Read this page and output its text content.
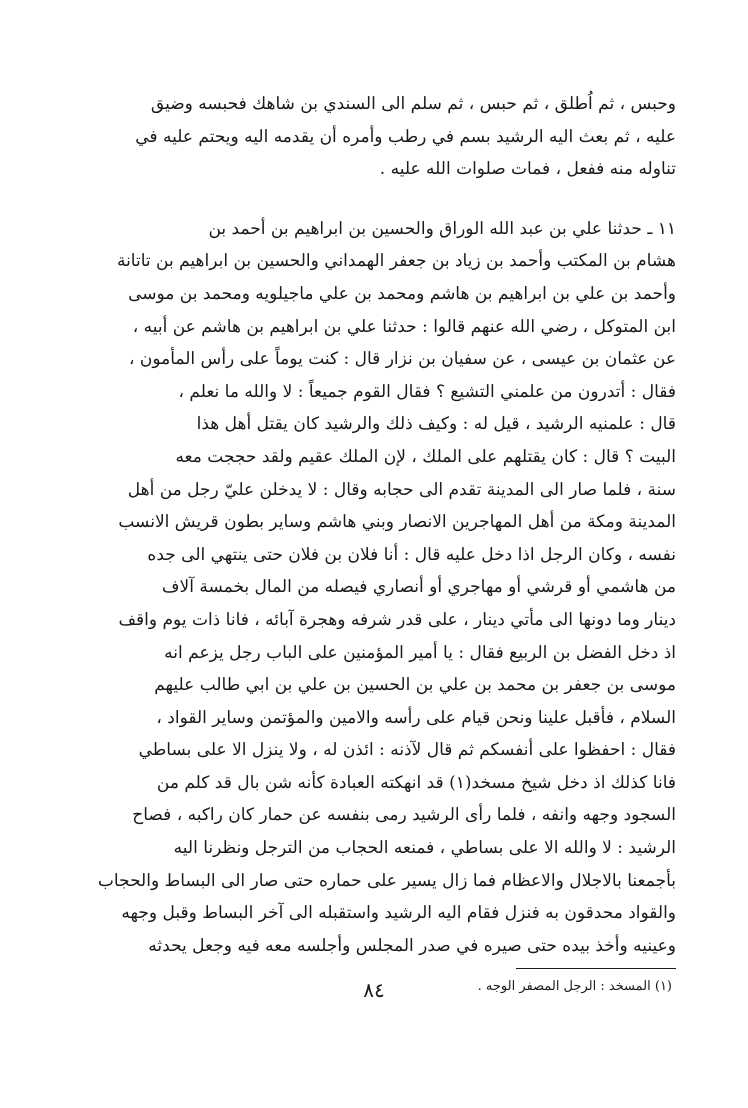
وحبس ، ثم اُطلق ، ثم حبس ، ثم سلم الى السندي بن شاهك فحبسه وضيق
عليه ، ثم بعث اليه الرشيد بسم في رطب وأمره أن يقدمه اليه ويحتم عليه في
تناوله منه ففعل ، فمات صلوات الله عليه .
١١ ـ حدثنا علي بن عبد الله الوراق والحسين بن ابراهيم بن أحمد بن
هشام بن المكتب وأحمد بن زياد بن جعفر الهمداني والحسين بن ابراهيم بن تاتانة
وأحمد بن علي بن ابراهيم بن هاشم ومحمد بن علي ماجيلويه ومحمد بن موسى
ابن المتوكل ، رضي الله عنهم قالوا : حدثنا علي بن ابراهيم بن هاشم عن أبيه ،
عن عثمان بن عيسى ، عن سفيان بن نزار قال : كنت يوماً على رأس المأمون ،
فقال : أتدرون من علمني التشيع ؟ فقال القوم جميعاً : لا والله ما نعلم ،
قال : علمنيه الرشيد ، قيل له : وكيف ذلك والرشيد كان يقتل أهل هذا
البيت ؟ قال : كان يقتلهم على الملك ، لإن الملك عقيم ولقد حججت معه
سنة ، فلما صار الى المدينة تقدم الى حجابه وقال : لا يدخلن عليّ رجل من أهل
المدينة ومكة من أهل المهاجرين الانصار وبني هاشم وساير بطون قريش الانسب
نفسه ، وكان الرجل اذا دخل عليه قال : أنا فلان بن فلان حتى ينتهي الى جده
من هاشمي أو قرشي أو مهاجري أو أنصاري فيصله من المال بخمسة آلاف
دينار وما دونها الى مأتي دينار ، على قدر شرفه وهجرة آبائه ، فانا ذات يوم واقف
اذ دخل الفضل بن الربيع فقال : يا أمير المؤمنين على الباب رجل يزعم انه
موسى بن جعفر بن محمد بن علي بن الحسين بن علي بن ابي طالب عليهم
السلام ، فأقبل علينا ونحن قيام على رأسه والامين والمؤتمن وساير القواد ،
فقال : احفظوا على أنفسكم ثم قال لآذنه : ائذن له ، ولا ينزل الا على بساطي
فانا كذلك اذ دخل شيخ مسخد(١) قد انهكته العبادة كأنه شن بال قد كلم من
السجود وجهه وانفه ، فلما رأى الرشيد رمى بنفسه عن حمار كان راكبه ، فصاح
الرشيد : لا والله الا على بساطي ، فمنعه الحجاب من الترجل ونظرنا اليه
بأجمعنا بالاجلال والاعظام فما زال يسير على حماره حتى صار الى البساط والحجاب
والقواد محدقون به فنزل فقام اليه الرشيد واستقبله الى آخر البساط وقبل وجهه
وعينيه وأخذ بيده حتى صيره في صدر المجلس وأجلسه معه فيه وجعل يحدثه
(١) المسخد : الرجل المصفر الوجه .
٨٤
